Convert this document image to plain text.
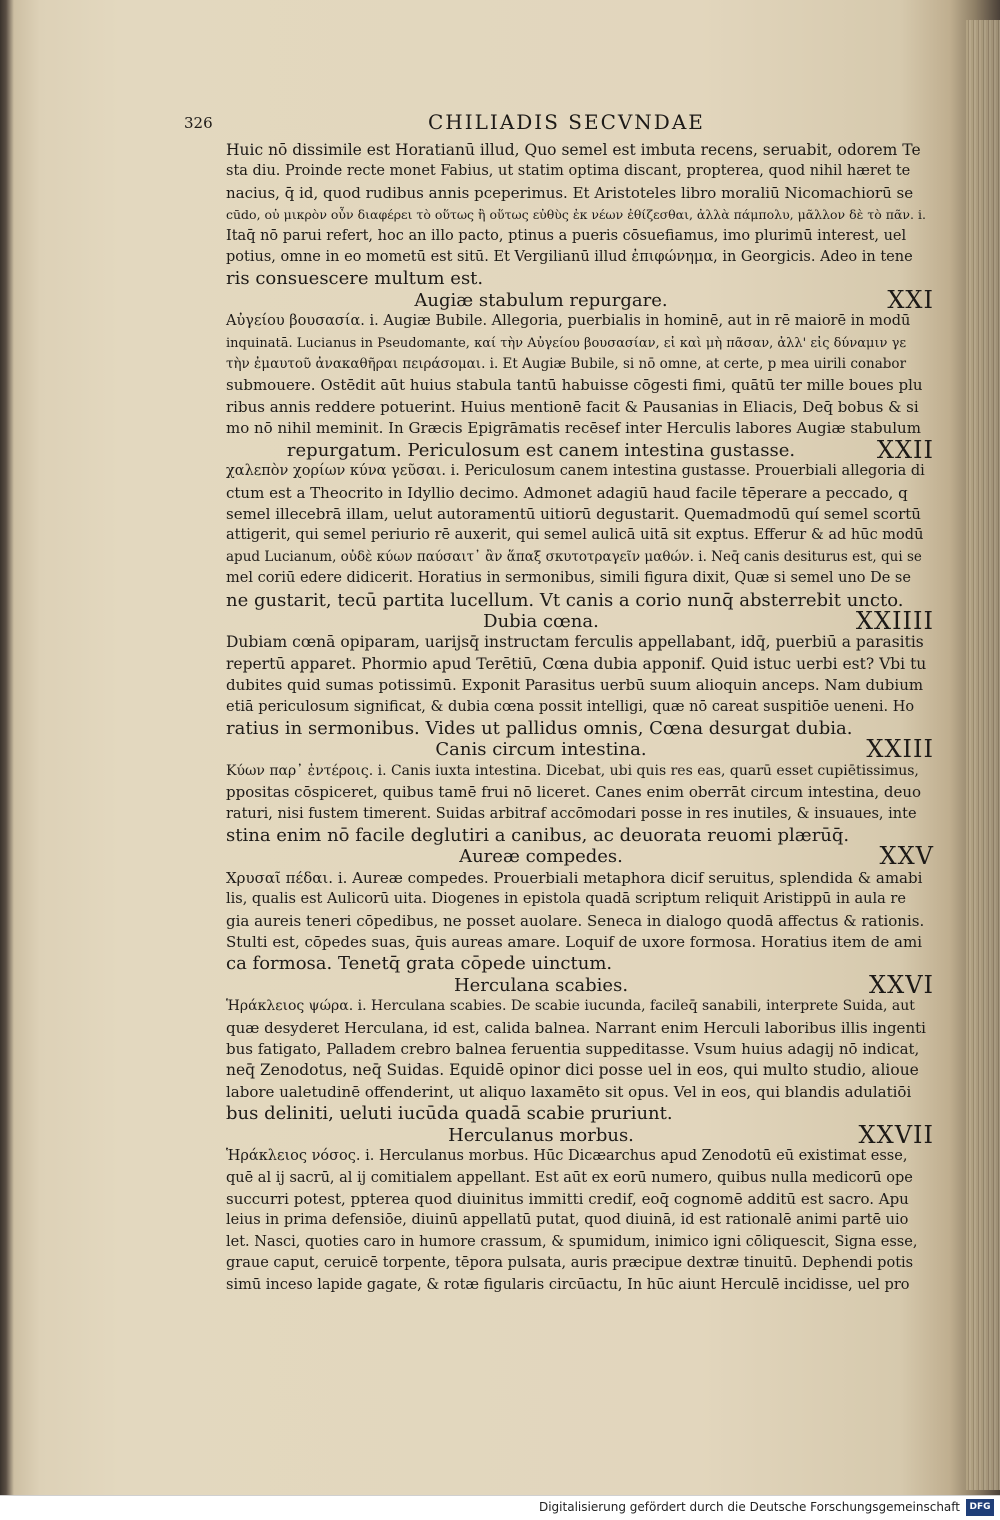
326	CHILIADIS SECVNDAE

Huic nō dissimile est Horatianū illud, Quo semel est imbuta recens, seruabit, odorem Te

sta diu. Proinde recte monet Fabius, ut statim optima discant, propterea, quod nihil hæret te

nacius, q̄ id, quod rudibus annis pceperimus. Et Aristoteles libro moraliū Nicomachiorū se

cūdo, οὐ μικρὸν οὖν διαφέρει τὸ οὕτως ἢ οὕτως εὐθὺς ἐκ νέων ἐθίζεσθαι, ἀλλὰ πάμπολυ, μᾶλλον δὲ τὸ πᾶν. i.

Itaq̄ nō parui refert, hoc an illo pacto, ptinus a pueris cōsuefiamus, imo plurimū interest, uel

potius, omne in eo mometū est sitū. Et Vergilianū illud ἐπιφώνημα, in Georgicis. Adeo in tene

ris consuescere multum est.

Augiæ stabulum repurgare.	XXI

Αὐγείου βουσασία. i. Augiæ Bubile. Allegoria, puerbialis in hominē, aut in rē maiorē in modū

inquinatā. Lucianus in Pseudomante, καί τὴν Αὐγείου βουσασίαν, εἰ καὶ μὴ πᾶσαν, ἀλλ' εἰς δύναμιν γε

τὴν ἐμαυτοῦ ἀνακαθῆραι πειράσομαι. i. Et Augiæ Bubile, si nō omne, at certe, p mea uirili conabor

submouere. Ostēdit aūt huius stabula tantū habuisse cōgesti fimi, quātū ter mille boues plu

ribus annis reddere potuerint. Huius mentionē facit & Pausanias in Eliacis, Deq̄ bobus & si

mo nō nihil meminit. In Græcis Epigrāmatis recēsef inter Herculis labores Augiæ stabulum

repurgatum. Periculosum est canem intestina gustasse.	XXII

χαλεπὸν χορίων κύνα γεῦσαι. i. Periculosum canem intestina gustasse. Prouerbiali allegoria di

ctum est a Theocrito in Idyllio decimo. Admonet adagiū haud facile tēperare a peccado, q

semel illecebrā illam, uelut autoramentū uitiorū degustarit. Quemadmodū quí semel scortū

attigerit, qui semel periurio rē auxerit, qui semel aulicā uitā sit exptus. Efferur & ad hūc modū

apud Lucianum, οὐδὲ κύων παύσαιτ᾽ ἂν ἅπαξ σκυτοτραγεῖν μαθών. i. Neq̄ canis desiturus est, qui se

mel coriū edere didicerit. Horatius in sermonibus, simili figura dixit, Quæ si semel uno De se

ne gustarit, tecū partita lucellum. Vt canis a corio nunq̄ absterrebit uncto.

Dubia cœna.	XXIIII

Dubiam cœnā opiparam, uarijsq̄ instructam ferculis appellabant, idq̄, puerbiū a parasitis

repertū apparet. Phormio apud Terētiū, Cœna dubia apponif. Quid istuc uerbi est? Vbi tu

dubites quid sumas potissimū. Exponit Parasitus uerbū suum alioquin anceps. Nam dubium

etiā periculosum significat, & dubia cœna possit intelligi, quæ nō careat suspitiōe ueneni. Ho

ratius in sermonibus. Vides ut pallidus omnis, Cœna desurgat dubia.

Canis circum intestina.	XXIII

Κύων παρ᾽ ἐντέροις. i. Canis iuxta intestina. Dicebat, ubi quis res eas, quarū esset cupiētissimus,

ppositas cōspiceret, quibus tamē frui nō liceret. Canes enim oberrāt circum intestina, deuo

raturi, nisi fustem timerent. Suidas arbitraf accōmodari posse in res inutiles, & insuaues, inte

stina enim nō facile deglutiri a canibus, ac deuorata reuomi plærūq̄.

Aureæ compedes.	XXV

Χρυσαῖ πέδαι. i. Aureæ compedes. Prouerbiali metaphora dicif seruitus, splendida & amabi

lis, qualis est Aulicorū uita. Diogenes in epistola quadā scriptum reliquit Aristippū in aula re

gia aureis teneri cōpedibus, ne posset auolare. Seneca in dialogo quodā affectus & rationis.

Stulti est, cōpedes suas, q̄uis aureas amare. Loquif de uxore formosa. Horatius item de ami

ca formosa. Tenetq̄ grata cōpede uinctum.

Herculana scabies.	XXVI

Ἡράκλειος ψώρα. i. Herculana scabies. De scabie iucunda, facileq̄ sanabili, interprete Suida, aut

quæ desyderet Herculana, id est, calida balnea. Narrant enim Herculi laboribus illis ingenti

bus fatigato, Palladem crebro balnea feruentia suppeditasse. Vsum huius adagij nō indicat,

neq̄ Zenodotus, neq̄ Suidas. Equidē opinor dici posse uel in eos, qui multo studio, alioue

labore ualetudinē offenderint, ut aliquo laxamēto sit opus. Vel in eos, qui blandis adulatiōi

bus deliniti, ueluti iucūda quadā scabie pruriunt.

Herculanus morbus.	XXVII

Ἡράκλειος νόσος. i. Herculanus morbus. Hūc Dicæarchus apud Zenodotū eū existimat esse,

quē al ij sacrū, al ij comitialem appellant. Est aūt ex eorū numero, quibus nulla medicorū ope

succurri potest, ppterea quod diuinitus immitti credif, eoq̄ cognomē additū est sacro. Apu

leius in prima defensiōe, diuinū appellatū putat, quod diuinā, id est rationalē animi partē uio

let. Nasci, quoties caro in humore crassum, & spumidum, inimico igni cōliquescit, Signa esse,

graue caput, ceruicē torpente, tēpora pulsata, auris præcipue dextræ tinuitū. Dephendi potis

simū inceso lapide gagate, & rotæ figularis circūactu, In hūc aiunt Herculē incidisse, uel pro

Digitalisierung gefördert durch die Deutsche Forschungsgemeinschaft	DFG
